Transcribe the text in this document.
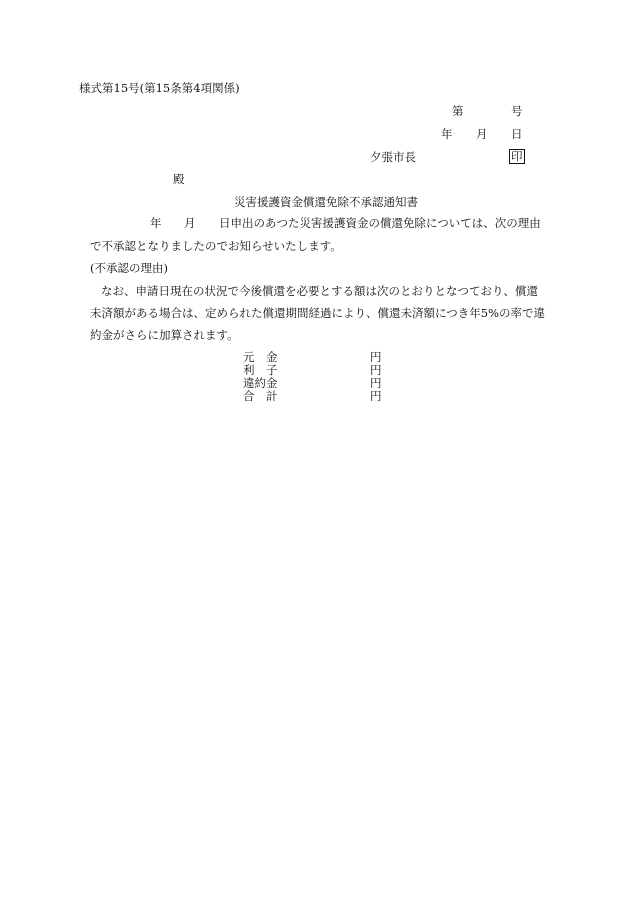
様式第15号(第15条第4項関係)
第	号
年 月 日
夕張市長	印
殿
災害援護資金償還免除不承認通知書
年 月 日申出のあつた災害援護資金の償還免除については、次の理由
で不承認となりましたのでお知らせいたします。
(不承認の理由)
なお、申請日現在の状況で今後償還を必要とする額は次のとおりとなつており、償還
未済額がある場合は、定められた償還期間経過により、償還未済額につき年5%の率で違
約金がさらに加算されます。
元　金	円
利　子	円
違約金	円
合　計	円
